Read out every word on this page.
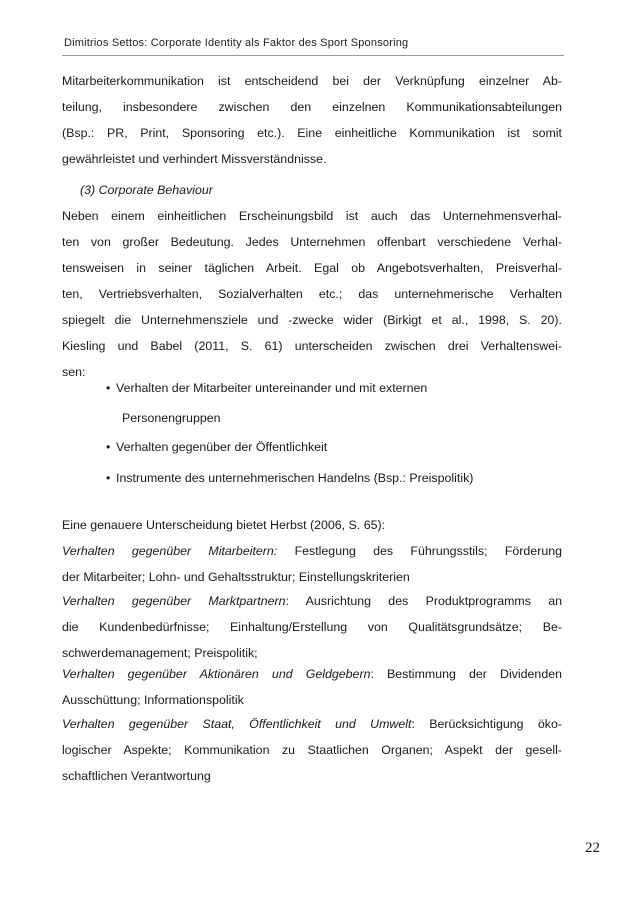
Dimitrios Settos: Corporate Identity als Faktor des Sport Sponsoring

Mitarbeiterkommunikation ist entscheidend bei der Verknüpfung einzelner Ab-

teilung, insbesondere zwischen den einzelnen Kommunikationsabteilungen

(Bsp.: PR, Print, Sponsoring etc.). Eine einheitliche Kommunikation ist somit

gewährleistet und verhindert Missverständnisse.

(3) Corporate Behaviour

Neben einem einheitlichen Erscheinungsbild ist auch das Unternehmensverhal-

ten von großer Bedeutung. Jedes Unternehmen offenbart verschiedene Verhal-

tensweisen in seiner täglichen Arbeit. Egal ob Angebotsverhalten, Preisverhal-

ten, Vertriebsverhalten, Sozialverhalten etc.; das unternehmerische Verhalten

spiegelt die Unternehmensziele und -zwecke wider (Birkigt et al., 1998, S. 20).

Kiesling und Babel (2011, S. 61) unterscheiden zwischen drei Verhaltenswei-

sen:

• Verhalten der Mitarbeiter untereinander und mit externen
Personengruppen
• Verhalten gegenüber der Öffentlichkeit
• Instrumente des unternehmerischen Handelns (Bsp.: Preispolitik)

Eine genauere Unterscheidung bietet Herbst (2006, S. 65):

Verhalten gegenüber Mitarbeitern: Festlegung des Führungsstils; Förderung

der Mitarbeiter; Lohn- und Gehaltsstruktur; Einstellungskriterien

Verhalten gegenüber Marktpartnern: Ausrichtung des Produktprogramms an

die Kundenbedürfnisse; Einhaltung/Erstellung von Qualitätsgrundsätze; Be-

schwerdemanagement; Preispolitik;

Verhalten gegenüber Aktionären und Geldgebern: Bestimmung der Dividenden

Ausschüttung; Informationspolitik

Verhalten gegenüber Staat, Öffentlichkeit und Umwelt: Berücksichtigung öko-

logischer Aspekte; Kommunikation zu Staatlichen Organen; Aspekt der gesell-

schaftlichen Verantwortung

22
